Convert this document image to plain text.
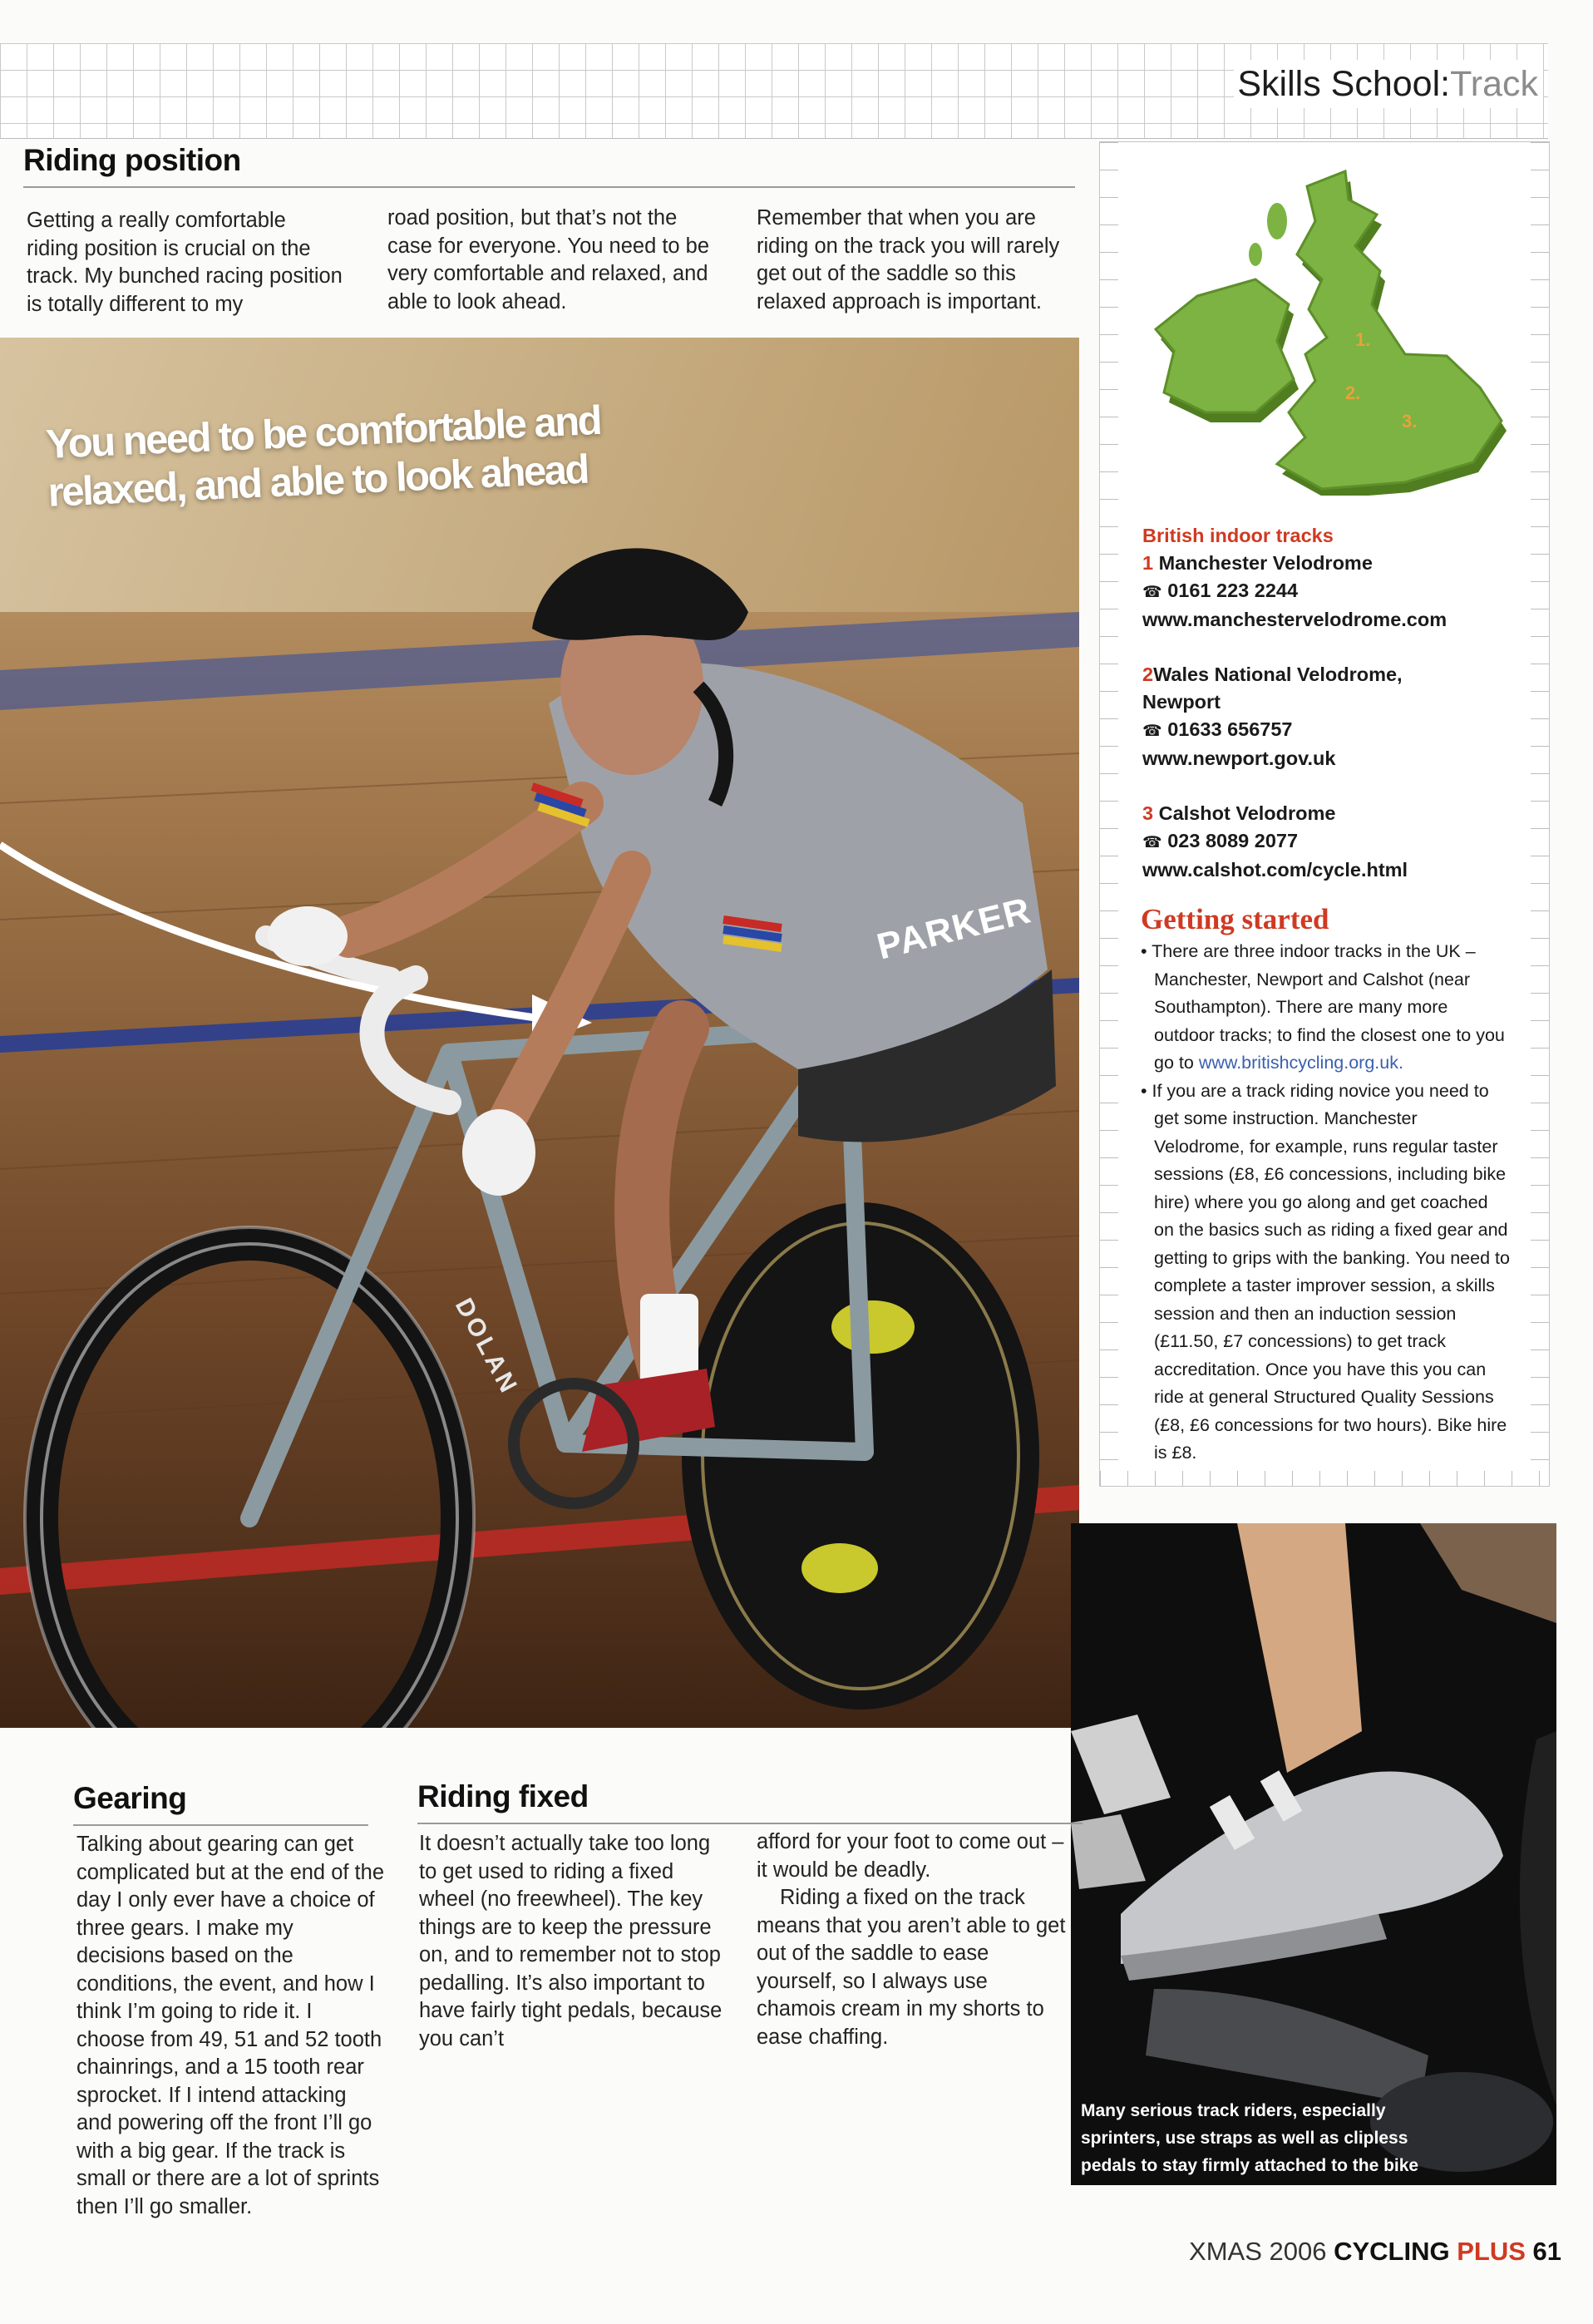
Skills School:Track
Riding position
Getting a really comfortable riding position is crucial on the track. My bunched racing position is totally different to my
road position, but that’s not the case for everyone. You need to be very comfortable and relaxed, and able to look ahead.
Remember that when you are riding on the track you will rarely get out of the saddle so this relaxed approach is important.
PARKER
DOLAN
You need to be comfortable and
relaxed, and able to look ahead
1.
2.
3.
British indoor tracks
1 Manchester Velodrome
☎ 0161 223 2244
www.manchestervelodrome.com
2Wales National Velodrome,
Newport
☎ 01633 656757
www.newport.gov.uk
3 Calshot Velodrome
☎ 023 8089 2077
www.calshot.com/cycle.html
Getting started
• There are three indoor tracks in the UK – Manchester, Newport and Calshot (near Southampton). There are many more outdoor tracks; to find the closest one to you go to www.britishcycling.org.uk.
• If you are a track riding novice you need to get some instruction. Manchester Velodrome, for example, runs regular taster sessions (£8, £6 concessions, including bike hire) where you go along and get coached on the basics such as riding a fixed gear and getting to grips with the banking. You need to complete a taster improver session, a skills session and then an induction session (£11.50, £7 concessions) to get track accreditation. Once you have this you can ride at general Structured Quality Sessions (£8, £6 concessions for two hours). Bike hire is £8.
Many serious track riders, especially sprinters, use straps as well as clipless pedals to stay firmly attached to the bike
Gearing
Talking about gearing can get complicated but at the end of the day I only ever have a choice of three gears. I make my decisions based on the conditions, the event, and how I think I’m going to ride it. I choose from 49, 51 and 52 tooth chainrings, and a 15 tooth rear sprocket. If I intend attacking and powering off the front I’ll go with a big gear. If the track is small or there are a lot of sprints then I’ll go smaller.
Riding fixed
It doesn’t actually take too long to get used to riding a fixed wheel (no freewheel). The key things are to keep the pressure on, and to remember not to stop pedalling. It’s also important to have fairly tight pedals, because you can’t

afford for your foot to come out – it would be deadly.

Riding a fixed on the track means that you aren’t able to get out of the saddle to ease yourself, so I always use chamois cream in my shorts to ease chaffing.

XMAS 2006 CYCLING PLUS 61
